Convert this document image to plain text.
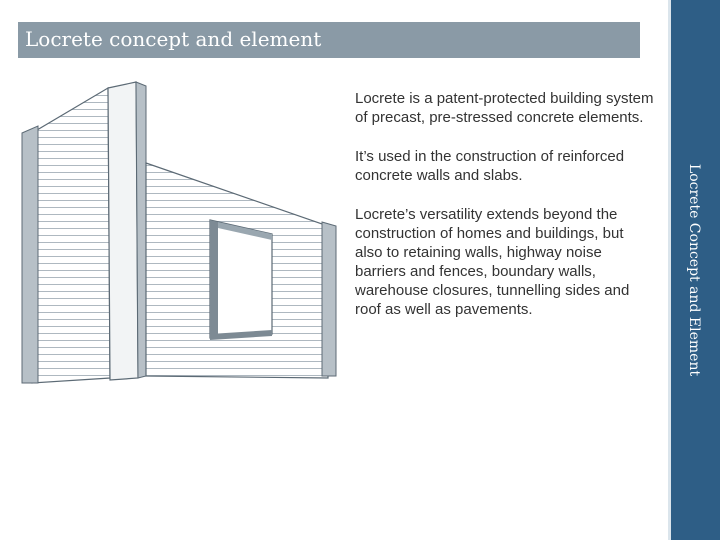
Locrete concept and element
Locrete Concept and Element

Locrete is a patent-protected building system of precast, pre-stressed concrete elements.

It’s used in the construction of reinforced concrete walls and slabs.

Locrete’s versatility extends beyond the construction of homes and buildings, but also to retaining walls, highway noise barriers and fences, boundary walls, warehouse closures, tunnelling sides and roof as well as pavements.
